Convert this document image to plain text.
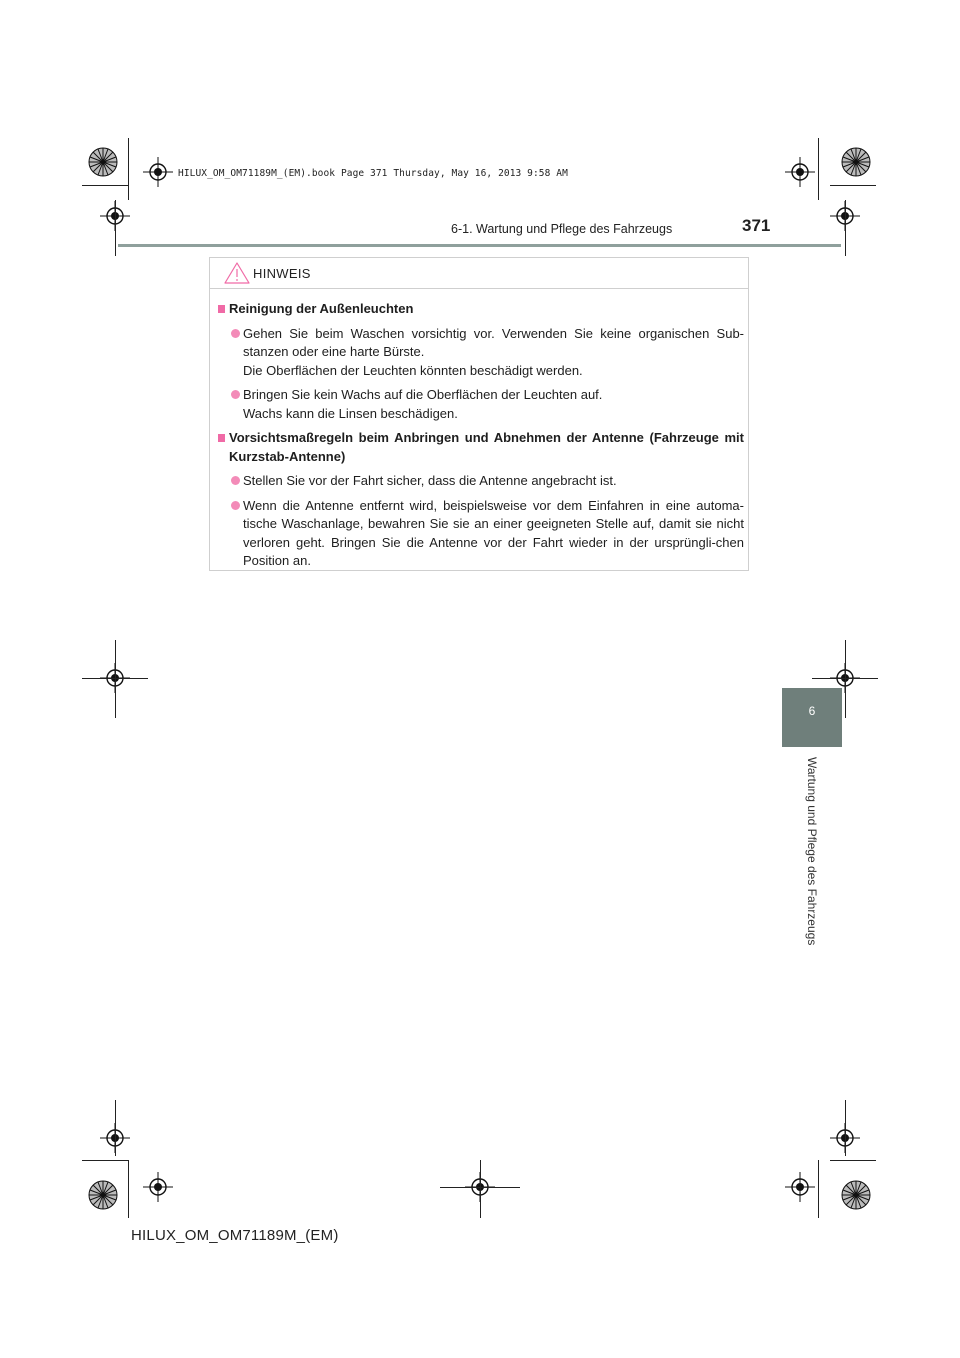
HILUX_OM_OM71189M_(EM).book Page 371 Thursday, May 16, 2013 9:58 AM
6-1. Wartung und Pflege des Fahrzeugs	371
6
Wartung und Pflege des Fahrzeugs
HINWEIS
Reinigung der Außenleuchten
Gehen Sie beim Waschen vorsichtig vor. Verwenden Sie keine organischen Sub-stanzen oder eine harte Bürste.
Die Oberflächen der Leuchten könnten beschädigt werden.
Bringen Sie kein Wachs auf die Oberflächen der Leuchten auf.
Wachs kann die Linsen beschädigen.
Vorsichtsmaßregeln beim Anbringen und Abnehmen der Antenne (Fahrzeuge mit Kurzstab-Antenne)
Stellen Sie vor der Fahrt sicher, dass die Antenne angebracht ist.
Wenn die Antenne entfernt wird, beispielsweise vor dem Einfahren in eine automa-tische Waschanlage, bewahren Sie sie an einer geeigneten Stelle auf, damit sie nicht verloren geht. Bringen Sie die Antenne vor der Fahrt wieder in der ursprüngli-chen Position an.
HILUX_OM_OM71189M_(EM)
